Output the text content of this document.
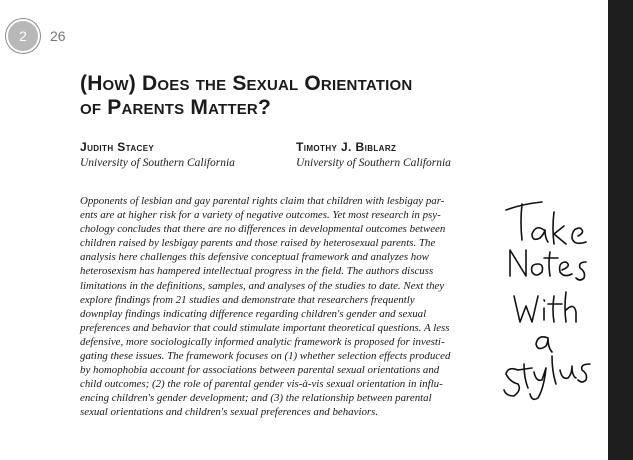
2 26
(How) Does the Sexual Orientation
of Parents Matter?
Judith Stacey
University of Southern California
Timothy J. Biblarz
University of Southern California
Opponents of lesbian and gay parental rights claim that children with lesbigay par-
ents are at higher risk for a variety of negative outcomes. Yet most research in psy-
chology concludes that there are no differences in developmental outcomes between
children raised by lesbigay parents and those raised by heterosexual parents. The
analysis here challenges this defensive conceptual framework and analyzes how
heterosexism has hampered intellectual progress in the field. The authors discuss
limitations in the definitions, samples, and analyses of the studies to date. Next they
explore findings from 21 studies and demonstrate that researchers frequently
downplay findings indicating difference regarding children's gender and sexual
preferences and behavior that could stimulate important theoretical questions. A less
defensive, more sociologically informed analytic framework is proposed for investi-
gating these issues. The framework focuses on (1) whether selection effects produced
by homophobia account for associations between parental sexual orientations and
child outcomes; (2) the role of parental gender vis-à-vis sexual orientation in influ-
encing children's gender development; and (3) the relationship between parental
sexual orientations and children's sexual preferences and behaviors.
